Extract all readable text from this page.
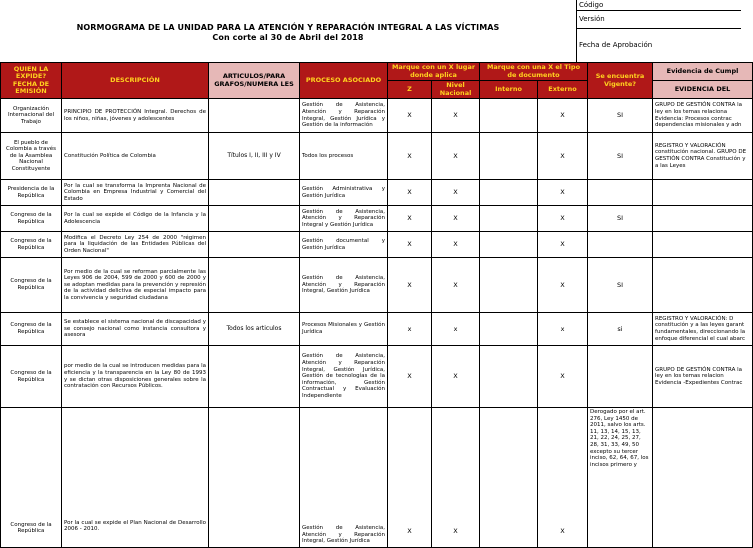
NORMOGRAMA DE LA UNIDAD PARA LA ATENCIÓN Y REPARACIÓN INTEGRAL A LAS VÍCTIMAS
Con corte al 30 de Abril del 2018
Código
Versión
Fecha de Aprobación
QUIEN LA EXPIDE? FECHA DE EMISIÓN	DESCRIPCIÓN	ARTICULOS/PARA GRAFOS/NUMERA LES	PROCESO ASOCIADO	Marque con un X lugar donde aplica		Marque con una X el Tipo de documento		Se encuentra Vigente?	Evidencia de Cumpl
				Z	Nivel Nacional	Interno	Externo		EVIDENCIA DEL
Organización Internacional del Trabajo	PRINCIPIO DE PROTECCIÓN Integral. Derechos de los niños, niñas, jóvenes y adolescentes		Gestión de Asistencia, Atención y Reparación Integral, Gestión Jurídica y Gestión de la información	X	X		X	SI	GRUPO DE GESTIÓN CONTRA la ley en los temas relaciona Evidencia: Procesos contrac dependencias misionales y adn
El pueblo de Colombia a través de la Asamblea Nacional Constituyente	Constitución Política de Colombia	Títulos I, II, III y IV	Todos los procesos	X	X		X	SI	REGISTRO Y VALORACIÓN constitución nacional. GRUPO DE GESTIÓN CONTRA Constitución y a las Leyes
Presidencia de la República	Por la cual se transforma la Imprenta Nacional de Colombia en Empresa Industrial y Comercial del Estado		Gestión Administrativa y Gestión Jurídica	X	X		X		
Congreso de la República	Por la cual se expide el Código de la Infancia y la Adolescencia		Gestión de Asistencia, Atención y Reparación Integral y Gestión Jurídica	X	X		X	SI	
Congreso de la República	Modifica el Decreto Ley 254 de 2000 "régimen para la liquidación de las Entidades Públicas del Orden Nacional"		Gestión documental y Gestión Jurídica	X	X		X		
Congreso de la República	Por medio de la cual se reforman parcialmente las Leyes 906 de 2004, 599 de 2000 y 600 de 2000 y se adoptan medidas para la prevención y represión de la actividad delictiva de especial impacto para la convivencia y seguridad ciudadana		Gestión de Asistencia, Atención y Reparación Integral, Gestión Jurídica	X	X		X	SI	
Congreso de la República	Se establece el sistema nacional de discapacidad y se consejo nacional como instancia consultora y asesora	Todos los articulos	Procesos Misionales y Gestión Jurídica	x	x		x	si	REGISTRO Y VALORACIÓN: D constitución y a las leyes garant fundamentales, direccionando la enfoque diferencial el cual abarc
Congreso de la República	por medio de la cual se introducen medidas para la eficiencia y la transparencia en la Ley 80 de 1993 y se dictan otras disposiciones generales sobre la contratación con Recursos Públicos.		Gestión de Asistencia, Atención y Reparación Integral, Gestión Jurídica, Gestión de tecnologías de la información, Gestión Contractual y Evaluación Independiente	X	X		X		GRUPO DE GESTIÓN CONTRA la ley en los temas relacion Evidencia -Expedientes Contrac
Congreso de la República	Por la cual se expide el Plan Nacional de Desarrollo 2006 - 2010.		Gestión de Asistencia, Atención y Reparación Integral, Gestión Jurídica	X	X		X	Derogado por el art. 276, Ley 1450 de 2011, salvo los arts. 11, 13, 14, 15, 13, 21, 22, 24, 25, 27, 28, 31, 33, 49, 50 excepto su tercer inciso, 62, 64, 67, los incisos primero y	
